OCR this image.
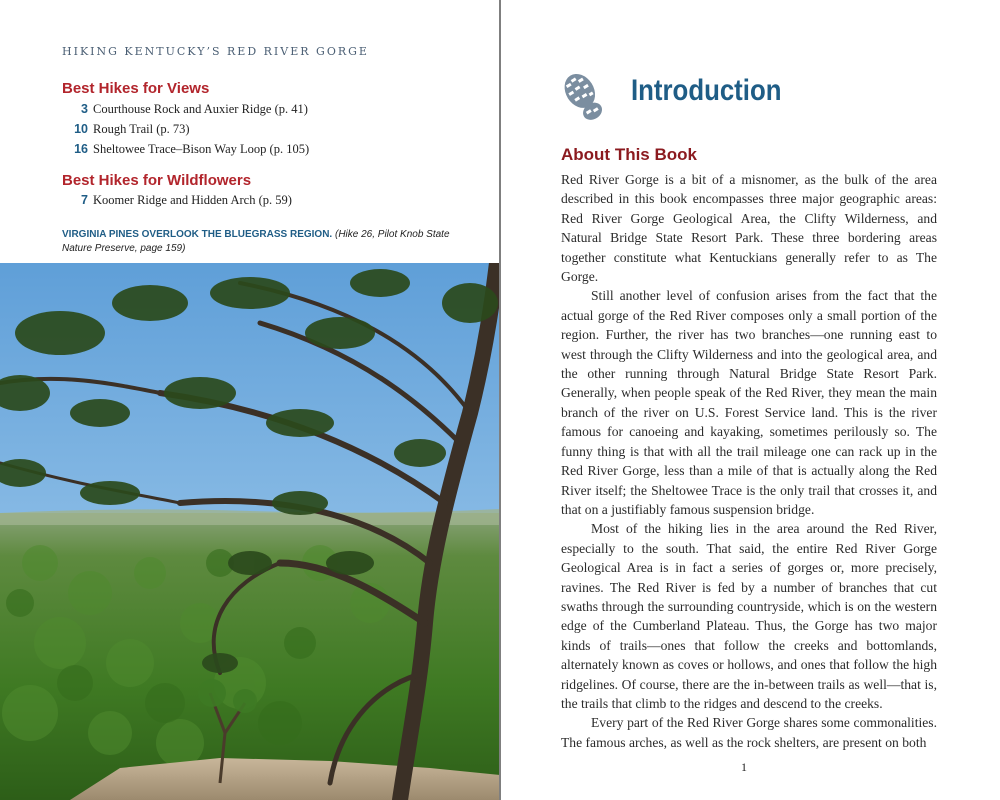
HIKING KENTUCKY’S RED RIVER GORGE
Best Hikes for Views
3 Courthouse Rock and Auxier Ridge (p. 41)
10 Rough Trail (p. 73)
16 Sheltowee Trace–Bison Way Loop (p. 105)
Best Hikes for Wildflowers
7 Koomer Ridge and Hidden Arch (p. 59)
VIRGINIA PINES OVERLOOK THE BLUEGRASS REGION. (Hike 26, Pilot Knob State Nature Preserve, page 159)
Introduction
About This Book

Red River Gorge is a bit of a misnomer, as the bulk of the area described in this book encompasses three major geographic areas: Red River Gorge Geological Area, the Clifty Wilderness, and Natural Bridge State Resort Park. These three bordering areas together constitute what Kentuckians generally refer to as The Gorge.

Still another level of confusion arises from the fact that the actual gorge of the Red River composes only a small portion of the region. Further, the river has two branches—one running east to west through the Clifty Wilderness and into the geological area, and the other running through Natural Bridge State Resort Park. Generally, when people speak of the Red River, they mean the main branch of the river on U.S. Forest Service land. This is the river famous for canoeing and kayaking, sometimes perilously so. The funny thing is that with all the trail mileage one can rack up in the Red River Gorge, less than a mile of that is actually along the Red River itself; the Sheltowee Trace is the only trail that crosses it, and that on a justifiably famous suspension bridge.

Most of the hiking lies in the area around the Red River, especially to the south. That said, the entire Red River Gorge Geological Area is in fact a series of gorges or, more precisely, ravines. The Red River is fed by a number of branches that cut swaths through the surrounding countryside, which is on the western edge of the Cumberland Plateau. Thus, the Gorge has two major kinds of trails—ones that follow the creeks and bottomlands, alternately known as coves or hollows, and ones that follow the high ridgelines. Of course, there are the in-between trails as well—that is, the trails that climb to the ridges and descend to the creeks.

Every part of the Red River Gorge shares some commonalities. The famous arches, as well as the rock shelters, are present on both

1
